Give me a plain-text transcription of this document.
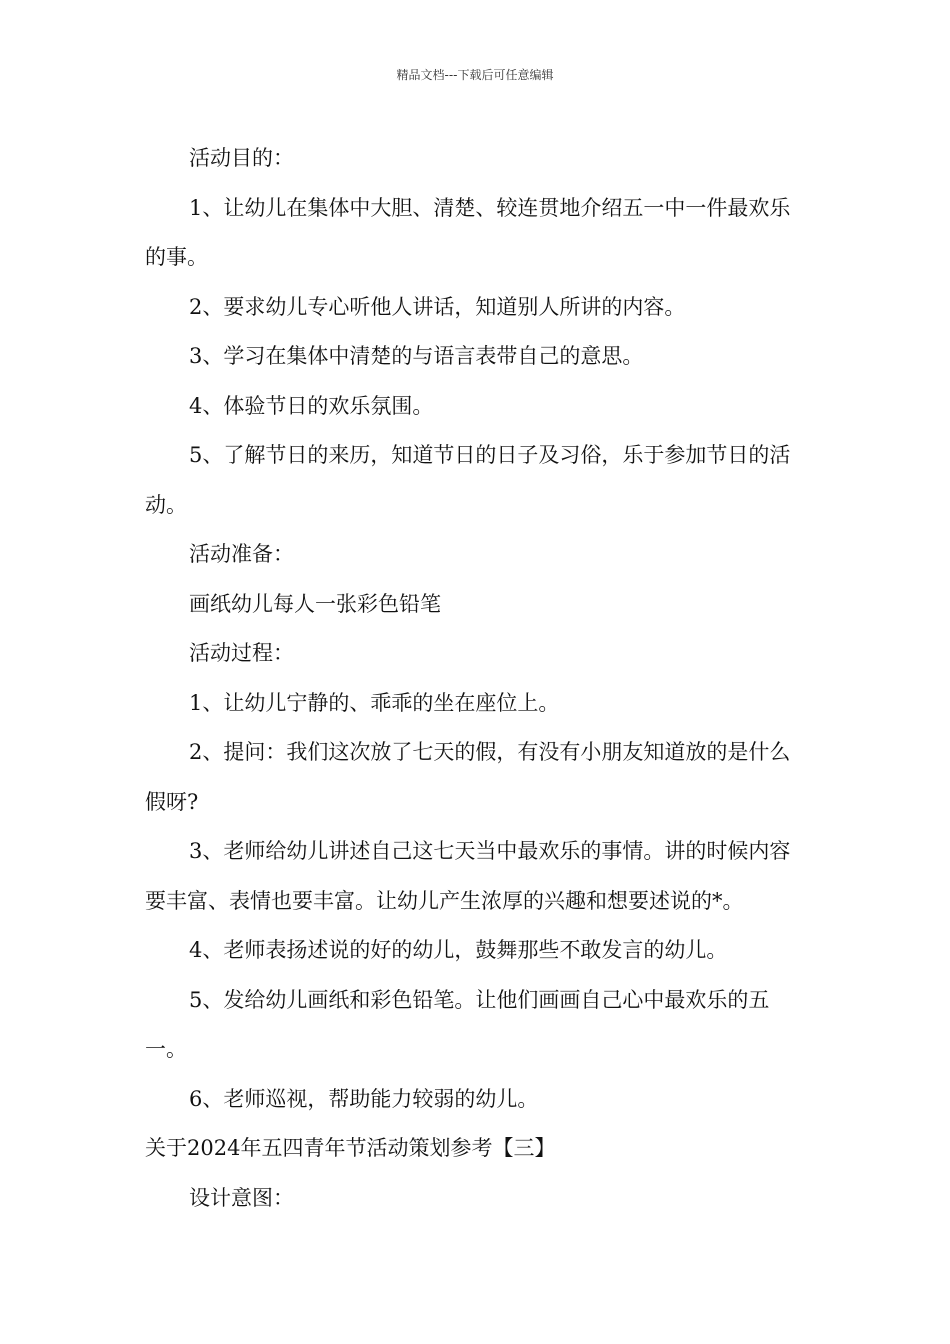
精品文档---下载后可任意编辑

活动目的：

1、让幼儿在集体中大胆、清楚、较连贯地介绍五一中一件最欢乐的事。

2、要求幼儿专心听他人讲话，知道别人所讲的内容。

3、学习在集体中清楚的与语言表带自己的意思。

4、体验节日的欢乐氛围。

5、了解节日的来历，知道节日的日子及习俗，乐于参加节日的活动。

活动准备：

画纸幼儿每人一张彩色铅笔

活动过程：

1、让幼儿宁静的、乖乖的坐在座位上。

2、提问：我们这次放了七天的假，有没有小朋友知道放的是什么假呀?

3、老师给幼儿讲述自己这七天当中最欢乐的事情。讲的时候内容要丰富、表情也要丰富。让幼儿产生浓厚的兴趣和想要述说的*。

4、老师表扬述说的好的幼儿，鼓舞那些不敢发言的幼儿。

5、发给幼儿画纸和彩色铅笔。让他们画画自己心中最欢乐的五一。

6、老师巡视，帮助能力较弱的幼儿。

关于2024年五四青年节活动策划参考【三】

设计意图：
